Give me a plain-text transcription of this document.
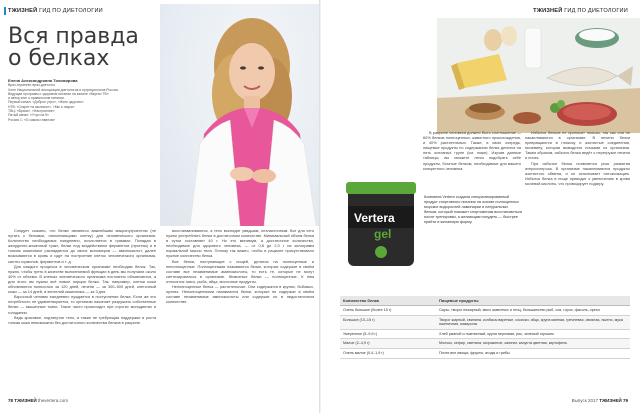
ТЖИЗНЕЙ ГИД ПО ДИЕТОЛОГИИ
Вся правда
о белках
Елена Александровна Тихомирова
Врач-терапевт, врач-диетолог.
Член Национальной ассоциации диетологов и нутрициологов России.
Ведущая программ о здоровом питании на канале «Вкусно ТВ»
и автор книг о правильном питании.
Первый канал: «Доброе утро», «Жить здорово»
НТВ: «Секрет на миллион», «Мы и наука»
ТВЦ: «Врачи», «Настроение»
Пятый канал: «Утро на 5»
Россия 1: «О самом главном»

Следует сказать, что белки являются важнейшим макронутриентом (не путать с белками, наполняющими клетку) для человеческого организма. Количество необходимых ежедневно, исчисляется в граммах. Попадая в желудочно-кишечный тракт, белки под воздействием ферментов (протеаз) и в тонком кишечнике распадаются до своих мономеров — аминокислот, далее всасываются в кровь и идут на построение клеток человеческого организма, синтез гормонов, ферментов и т. д.

Для каждого процесса в человеческом организме необходим белок. Так, нужно, чтобы треть в качестве выполняемой функции в день мы получали около 40% от объема. В клетках человеческого организма постоянно обновляются, а для этого им нужны всё новые порции белка. Так, например, клетки кожи обновляются полностью за 120 дней, печени — за 300–500 дней, клеточный кожи — за 14 дней, а эпителий кишечника — за 3 дня.

Взрослый человек ежедневно нуждается в поступлении белка. Если же его потребность не удовлетворяется, то организм начинает разрушать собственные белки — мышечные ткани. Такое часто происходит при строгих монодиетах и голодании.

Ведь красивое, подтянутое тело, а также не требующая поддержки и роста тонкая кожа невозможны без достаточного количества белков в рационе.

восстанавливаются, а тело выглядит увядшим, неэластичным. Вот для чего нужно употреблять белки в достаточном количестве. Минимальный объем белка в сутки составляет 40 г. Но это минимум, а достаточное количество, необходимое для здорового человека, — от 0,8 до 2,0 г на килограмм нормальной массы тела. Потому так важно, чтобы в рационе присутствовало нужное количество белка.

Все белки, поступающие с пищей, делятся на полноценные и неполноценные. Полноценными называются белки, которые содержат в своём составе все незаменимые аминокислоты, то есть те, которые не могут синтезироваться в организме. Животные белки — полноценные. К ним относятся: мясо, рыба, яйца, молочные продукты.

Неполноценные белка — растительные. Они содержатся в крупах, бобовых, орехах. Неполноценными называются белки, которые не содержат в своём составе незаменимые аминокислоты или содержат их в недостаточном количестве.

78 ТЖИЗНЕЙ thevertera.com
ТЖИЗНЕЙ ГИД ПО ДИЕТОЛОГИИ

В рационе человека должно быть соотношение — 60% белков полноценных, животного происхождения, и 40% растительных. Также, в свою очередь, пищевые продукты по содержанию белка делятся на пять основных групп (см. ниже). Изучив данные таблицы, вы сможете легко подобрать себе продукты, богатые белком, необходимые для вашего конкретного человека.

Избыток белков не приносит пользы, так как они не накапливаются в организме. В печени белки превращаются в глюкозу и азотистые соединения, мочевину, которая выводится почками из организма. Таким образом, избыток белка ведёт к перегрузке печени и почек.

При избытке белка появляется риск развития атеросклероза. В организме накапливаются продукты азотистого обмена, и он испытывает интоксикацию. Избыток белка в пище приводит к увеличению в крови мочевой кислоты, что провоцирует подагру.

Vertera
gel
Компания Vertera создала специализированный продукт спортивного питания на основе полноценных морских водорослей ламинарии и натуральных белков, который поможет спортсменам восстановиться после тренировки, а желающим похудеть — быстрее прийти в желаемую форму.
Количество белка	Пищевые продукты
Очень большое (более 15 г)	Сыры, творог нежирный, мясо животных и птиц, большинство рыб, соя, горох, фасоль, орехи
Большое (10–15 г)	Творог жирный, свинина, колбасы вареные, сосиски, яйцо, крупа манная, гречневая, овсяная, пшено, мука пшеничная, макароны
Умеренное (5–9,9 г)	Хлеб ржаной и пшеничный, крупа перловая, рис, зеленый горошек
Малое (2–4,9 г)	Молоко, кефир, сметана, мороженое, шпинат, капуста цветная, картофель
Очень малое (0,4–1,9 г)	Почти все овощи, фрукты, ягоды и грибы
Выпуск 2017 ТЖИЗНЕЙ 79
